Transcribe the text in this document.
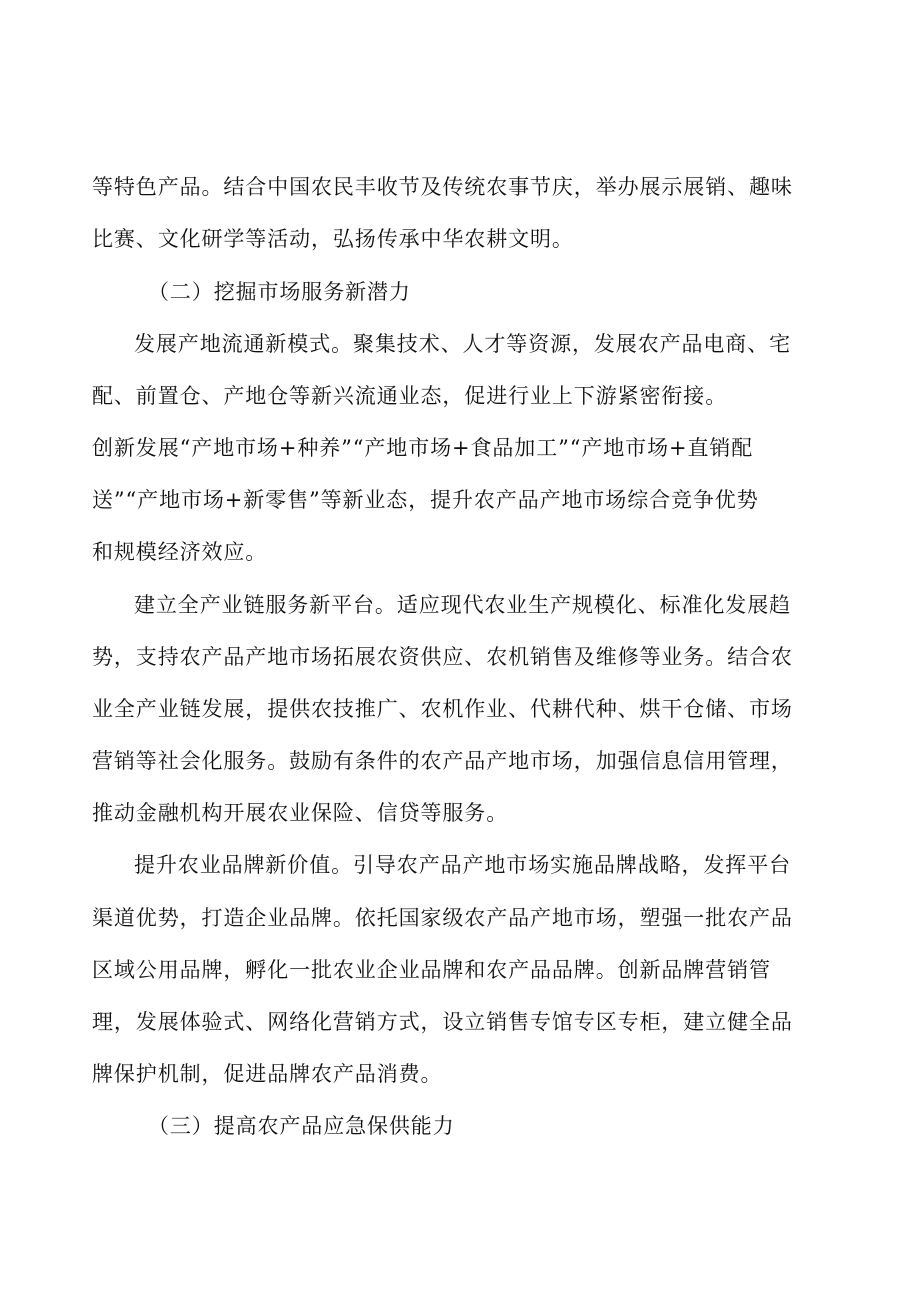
等特色产品。结合中国农民丰收节及传统农事节庆，举办展示展销、趣味
比赛、文化研学等活动，弘扬传承中华农耕文明。
（二）挖掘市场服务新潜力
发展产地流通新模式。聚集技术、人才等资源，发展农产品电商、宅
配、前置仓、产地仓等新兴流通业态，促进行业上下游紧密衔接。
创新发展“产地市场+种养”“产地市场+食品加工”“产地市场+直销配
送”“产地市场+新零售”等新业态，提升农产品产地市场综合竞争优势
和规模经济效应。
建立全产业链服务新平台。适应现代农业生产规模化、标准化发展趋
势，支持农产品产地市场拓展农资供应、农机销售及维修等业务。结合农
业全产业链发展，提供农技推广、农机作业、代耕代种、烘干仓储、市场
营销等社会化服务。鼓励有条件的农产品产地市场，加强信息信用管理，
推动金融机构开展农业保险、信贷等服务。
提升农业品牌新价值。引导农产品产地市场实施品牌战略，发挥平台
渠道优势，打造企业品牌。依托国家级农产品产地市场，塑强一批农产品
区域公用品牌，孵化一批农业企业品牌和农产品品牌。创新品牌营销管
理，发展体验式、网络化营销方式，设立销售专馆专区专柜，建立健全品
牌保护机制，促进品牌农产品消费。
（三）提高农产品应急保供能力
